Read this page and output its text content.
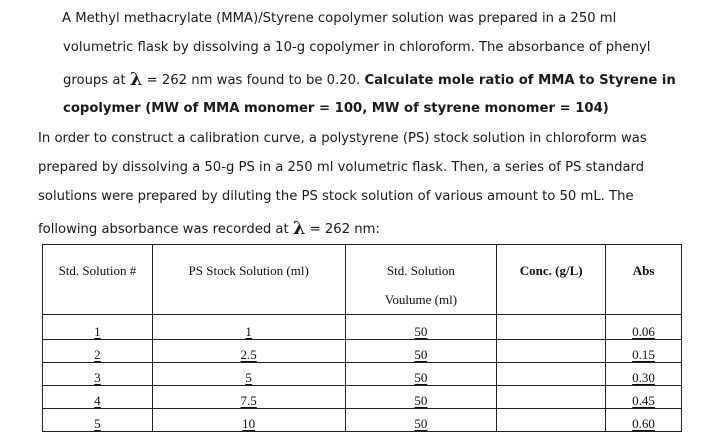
A Methyl methacrylate (MMA)/Styrene copolymer solution was prepared in a 250 ml
volumetric flask by dissolving a 10-g copolymer in chloroform. The absorbance of phenyl
groups at λ = 262 nm was found to be 0.20. Calculate mole ratio of MMA to Styrene in
copolymer (MW of MMA monomer = 100, MW of styrene monomer = 104)
In order to construct a calibration curve, a polystyrene (PS) stock solution in chloroform was
prepared by dissolving a 50-g PS in a 250 ml volumetric flask. Then, a series of PS standard
solutions were prepared by diluting the PS stock solution of various amount to 50 mL. The
following absorbance was recorded at λ = 262 nm:
Std. Solution #	PS Stock Solution (ml)	Std. Solution
Voulume (ml)	Conc. (g/L)	Abs

1	1	50		0.06
2	2.5	50		0.15
3	5	50		0.30
4	7.5	50		0.45
5	10	50		0.60
